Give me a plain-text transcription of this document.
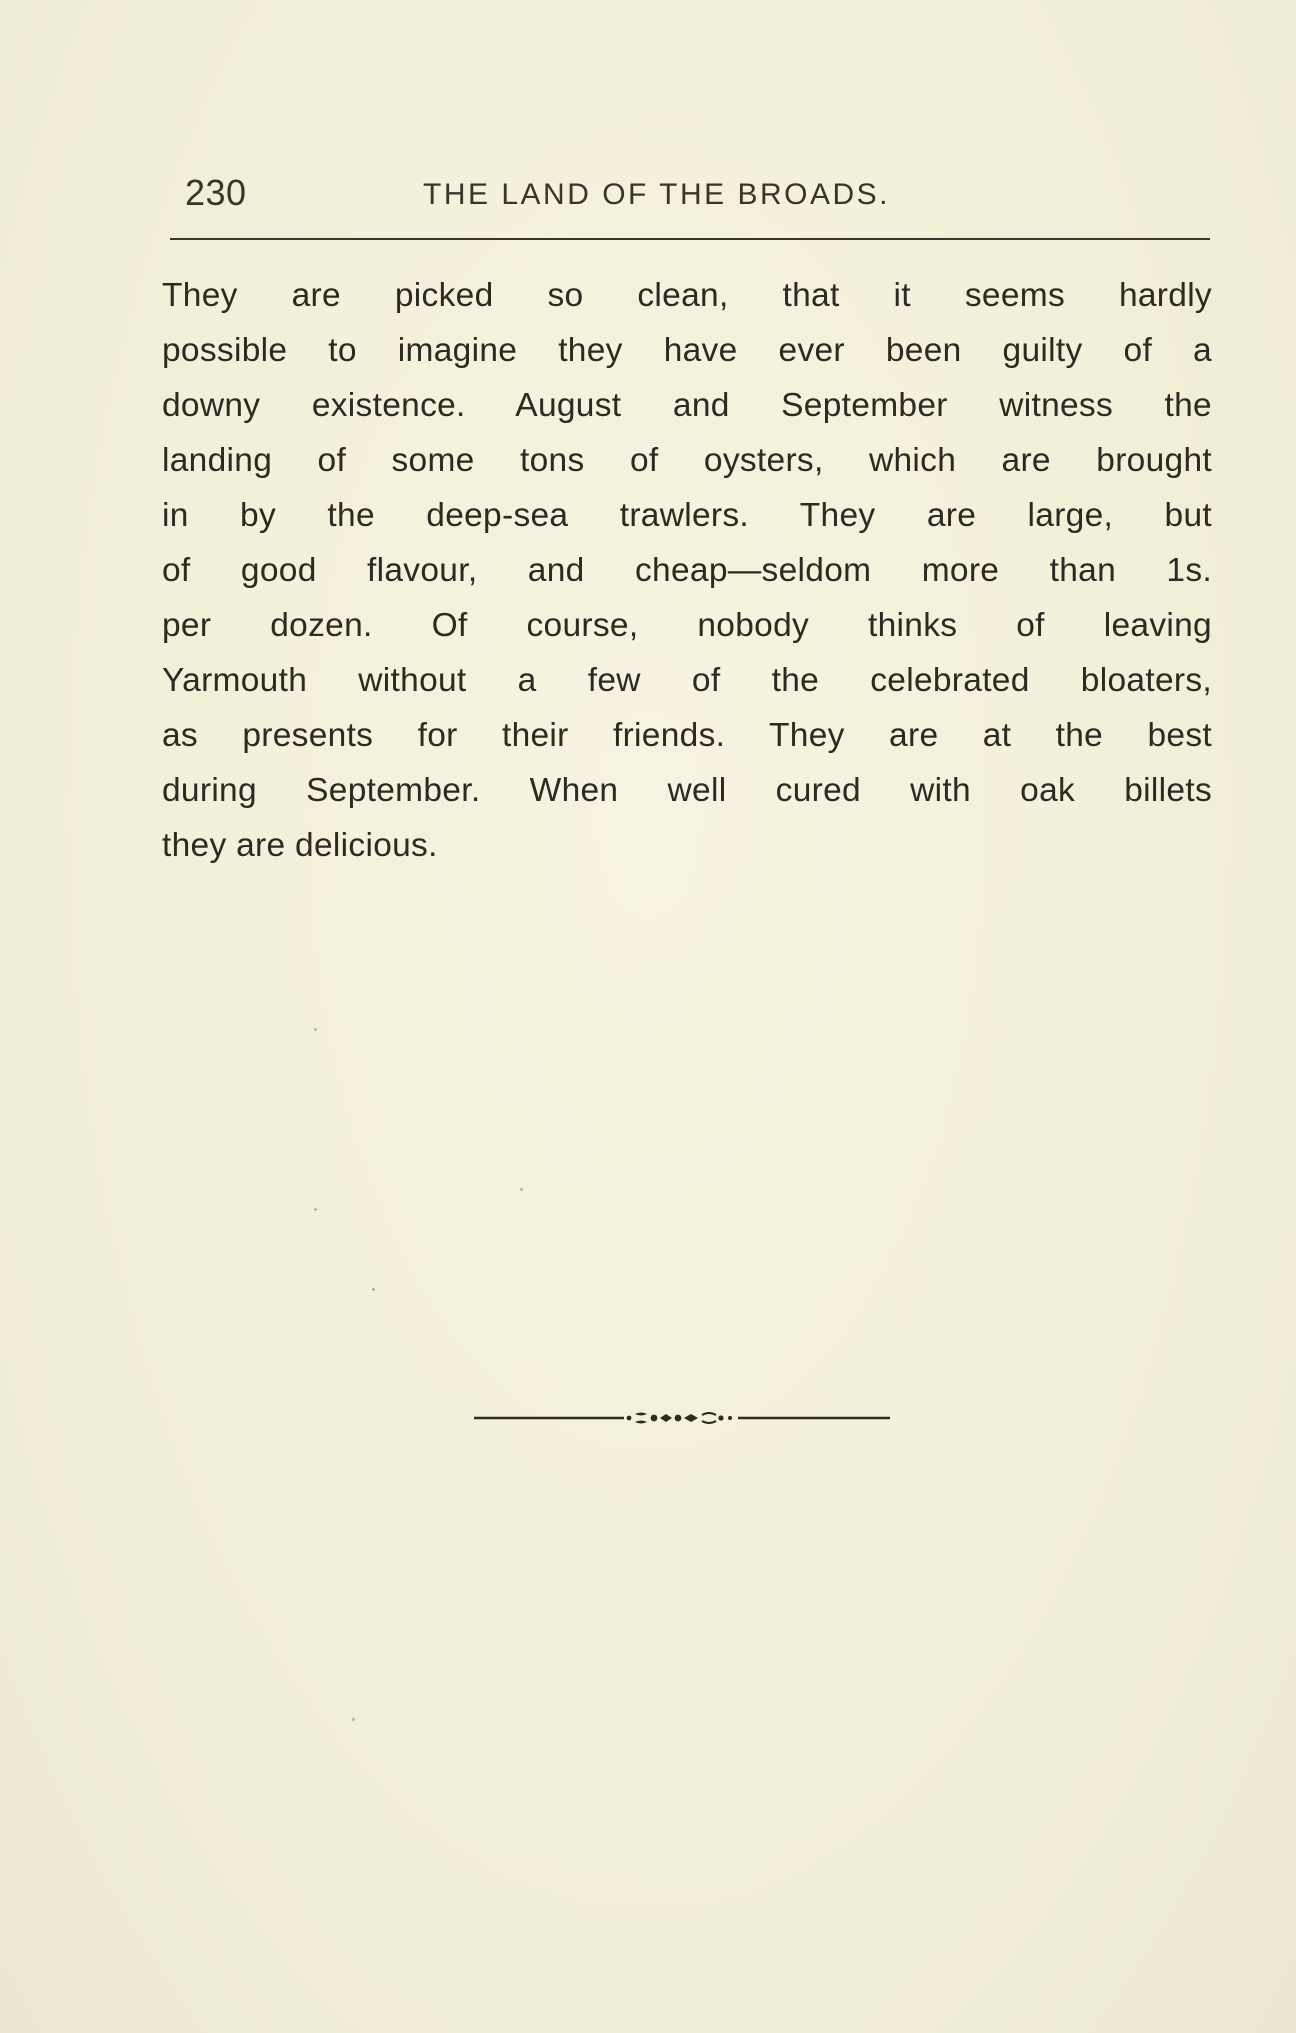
230	THE LAND OF THE BROADS.
They are picked so clean, that it seems hardly
possible to imagine they have ever been guilty of a
downy existence. August and September witness the
landing of some tons of oysters, which are brought
in by the deep-sea trawlers. They are large, but
of good flavour, and cheap—seldom more than 1s.
per dozen. Of course, nobody thinks of leaving
Yarmouth without a few of the celebrated bloaters,
as presents for their friends. They are at the best
during September. When well cured with oak billets
they are delicious.
